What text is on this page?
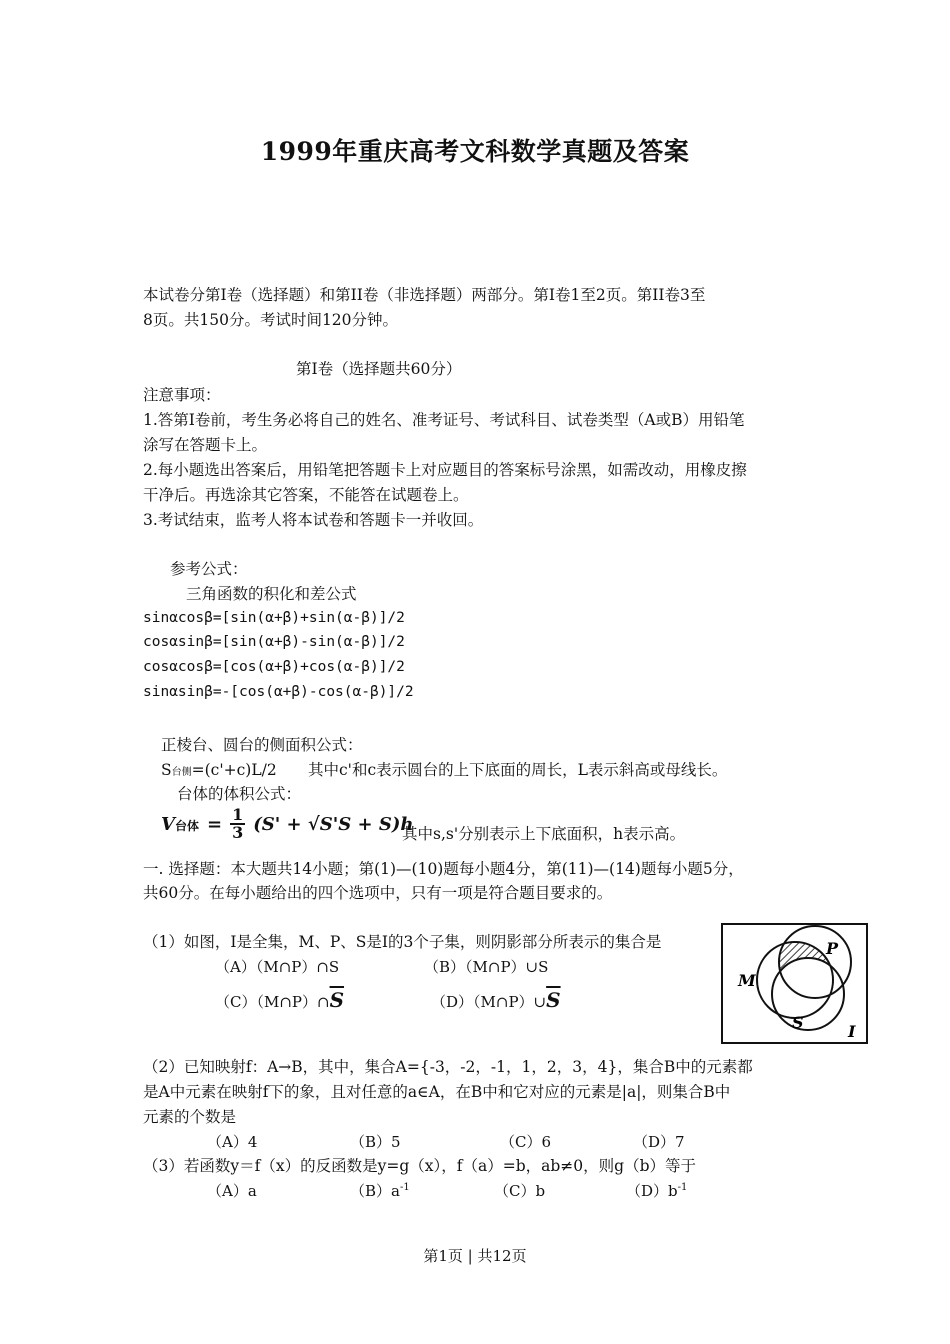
1999年重庆高考文科数学真题及答案
本试卷分第Ⅰ卷（选择题）和第II卷（非选择题）两部分。第Ⅰ卷1至2页。第II卷3至
8页。共150分。考试时间120分钟。
第Ⅰ卷（选择题共60分）
注意事项：
1.答第Ⅰ卷前，考生务必将自己的姓名、准考证号、考试科目、试卷类型（A或B）用铅笔
涂写在答题卡上。
2.每小题选出答案后，用铅笔把答题卡上对应题目的答案标号涂黑，如需改动，用橡皮擦
干净后。再选涂其它答案，不能答在试题卷上。
3.考试结束，监考人将本试卷和答题卡一并收回。
参考公式：
三角函数的积化和差公式
sinαcosβ=[sin(α+β)+sin(α-β)]/2
cosαsinβ=[sin(α+β)-sin(α-β)]/2
cosαcosβ=[cos(α+β)+cos(α-β)]/2
sinαsinβ=-[cos(α+β)-cos(α-β)]/2
正棱台、圆台的侧面积公式：
S台侧=(c'+c)L/2 其中c'和c表示圆台的上下底面的周长，L表示斜高或母线长。
台体的体积公式：
V台体 = $\frac{1}{3} (S' + √S'S + S)h$
其中s,s'分别表示上下底面积，h表示高。
一. 选择题：本大题共14小题；第(1)—(10)题每小题4分，第(11)—(14)题每小题5分，
共60分。在每小题给出的四个选项中，只有一项是符合题目要求的。
（1）如图，I是全集，M、P、S是I的3个子集，则阴影部分所表示的集合是
（A）（M∩P）∩S	（B）（M∩P）∪S
$(C)(M\cap P)\cap\overline{S}$	$(D)(M\cap P)\cup\overline{S}$
M
P
S	I
（2）已知映射f：A→B，其中，集合A={-3，-2，-1，1，2，3，4}，集合B中的元素都
是A中元素在映射f下的象，且对任意的a∈A，在B中和它对应的元素是|a|，则集合B中
元素的个数是
（A）4	（B）5	（C）6	（D）7
（3）若函数y＝f（x）的反函数是y=g（x），f（a）=b，ab≠0，则g（b）等于
（A）a	$(B)a^{-1}$	（C）b	$(D)b^{-1}$
第1页 | 共12页
